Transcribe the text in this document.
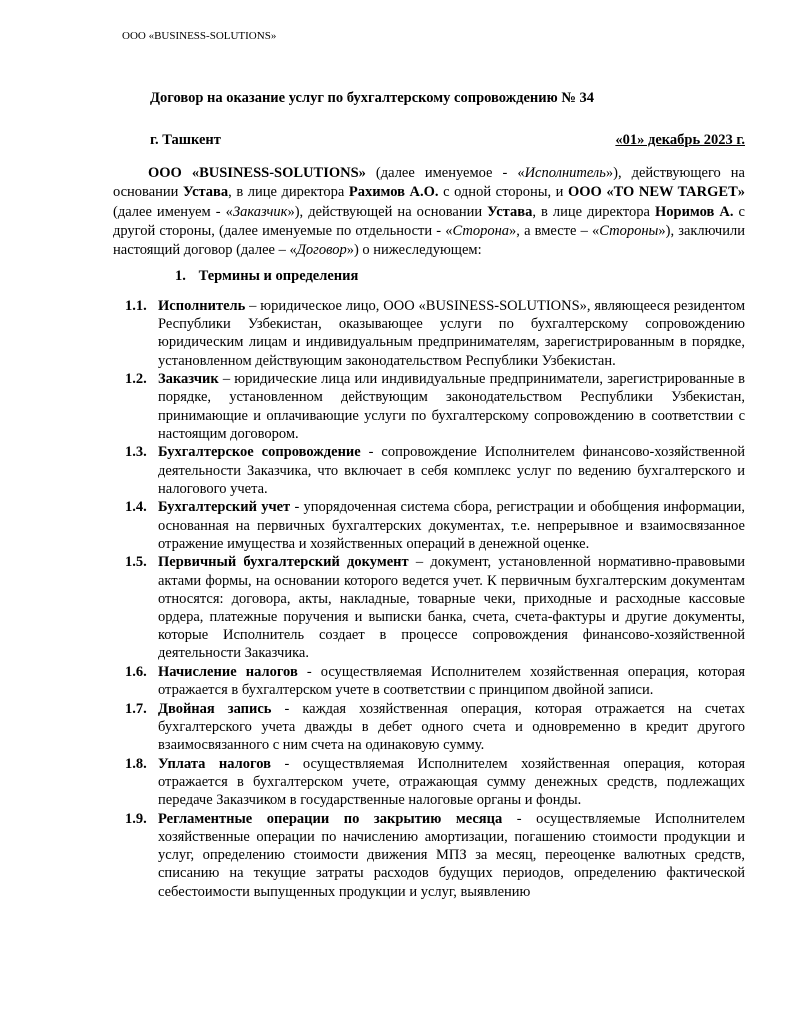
ООО «BUSINESS-SOLUTIONS»
Договор на оказание услуг по бухгалтерскому сопровождению № 34
г. Ташкент	«01» декабрь 2023 г.
ООО «BUSINESS-SOLUTIONS» (далее именуемое - «Исполнитель»), действующего на основании Устава, в лице директора Рахимов А.О. с одной стороны, и ООО «TO NEW TARGET» (далее именуем - «Заказчик»), действующей на основании Устава, в лице директора Норимов А. с другой стороны, (далее именуемые по отдельности - «Сторона», а вместе – «Стороны»), заключили настоящий договор (далее – «Договор») о нижеследующем:
1. Термины и определения
1.1. Исполнитель – юридическое лицо, ООО «BUSINESS-SOLUTIONS», являющееся резидентом Республики Узбекистан, оказывающее услуги по бухгалтерскому сопровождению юридическим лицам и индивидуальным предпринимателям, зарегистрированным в порядке, установленном действующим законодательством Республики Узбекистан.
1.2. Заказчик – юридические лица или индивидуальные предприниматели, зарегистрированные в порядке, установленном действующим законодательством Республики Узбекистан, принимающие и оплачивающие услуги по бухгалтерскому сопровождению в соответствии с настоящим договором.
1.3. Бухгалтерское сопровождение - сопровождение Исполнителем финансово-хозяйственной деятельности Заказчика, что включает в себя комплекс услуг по ведению бухгалтерского и налогового учета.
1.4. Бухгалтерский учет - упорядоченная система сбора, регистрации и обобщения информации, основанная на первичных бухгалтерских документах, т.е. непрерывное и взаимосвязанное отражение имущества и хозяйственных операций в денежной оценке.
1.5. Первичный бухгалтерский документ – документ, установленной нормативно-правовыми актами формы, на основании которого ведется учет. К первичным бухгалтерским документам относятся: договора, акты, накладные, товарные чеки, приходные и расходные кассовые ордера, платежные поручения и выписки банка, счета, счета-фактуры и другие документы, которые Исполнитель создает в процессе сопровождения финансово-хозяйственной деятельности Заказчика.
1.6. Начисление налогов - осуществляемая Исполнителем хозяйственная операция, которая отражается в бухгалтерском учете в соответствии с принципом двойной записи.
1.7. Двойная запись - каждая хозяйственная операция, которая отражается на счетах бухгалтерского учета дважды в дебет одного счета и одновременно в кредит другого взаимосвязанного с ним счета на одинаковую сумму.
1.8. Уплата налогов - осуществляемая Исполнителем хозяйственная операция, которая отражается в бухгалтерском учете, отражающая сумму денежных средств, подлежащих передаче Заказчиком в государственные налоговые органы и фонды.
1.9. Регламентные операции по закрытию месяца - осуществляемые Исполнителем хозяйственные операции по начислению амортизации, погашению стоимости продукции и услуг, определению стоимости движения МПЗ за месяц, переоценке валютных средств, списанию на текущие затраты расходов будущих периодов, определению фактической себестоимости выпущенных продукции и услуг, выявлению
